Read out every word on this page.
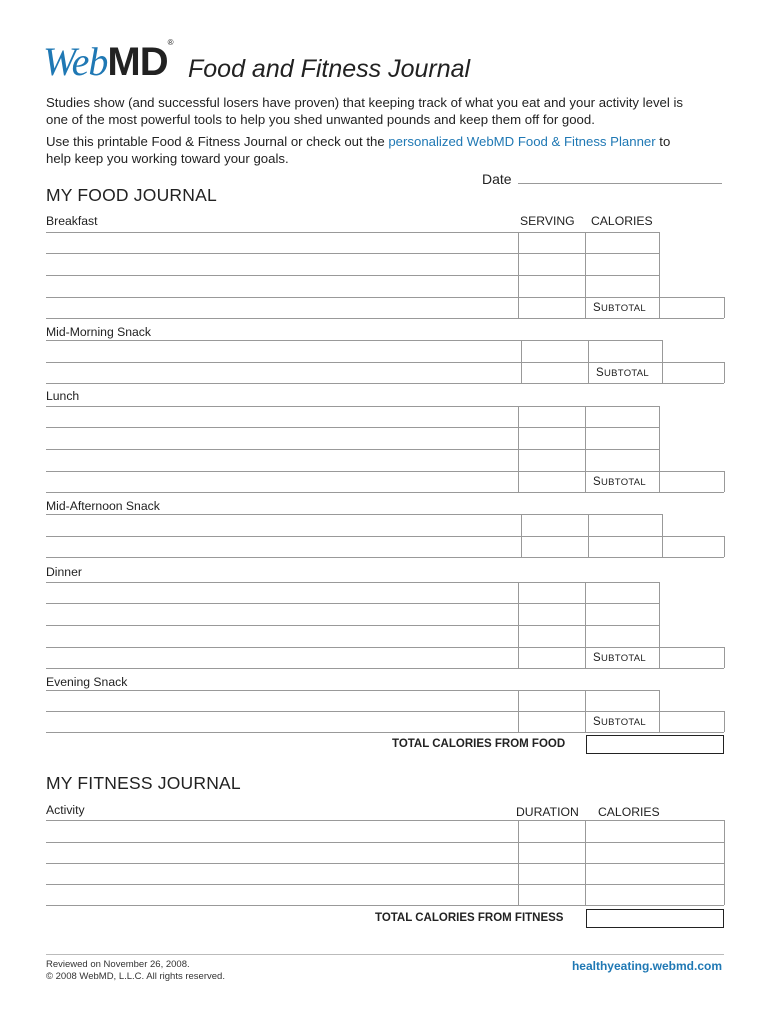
WebMD®
Food and Fitness Journal
Studies show (and successful losers have proven) that keeping track of what you eat and your activity level is
one of the most powerful tools to help you shed unwanted pounds and keep them off for good.
Use this printable Food & Fitness Journal or check out the personalized WebMD Food & Fitness Planner to
help keep you working toward your goals.
Date
MY FOOD JOURNAL
SERVING CALORIES
Breakfast
SUBTOTAL
Mid-Morning Snack
SUBTOTAL
Lunch
SUBTOTAL
Mid-Afternoon Snack
Dinner
SUBTOTAL
Evening Snack
SUBTOTAL
TOTAL CALORIES FROM FOOD
MY FITNESS JOURNAL
Activity	DURATION CALORIES
TOTAL CALORIES FROM FITNESS
Reviewed on November 26, 2008.
© 2008 WebMD, L.L.C. All rights reserved.
healthyeating.webmd.com
